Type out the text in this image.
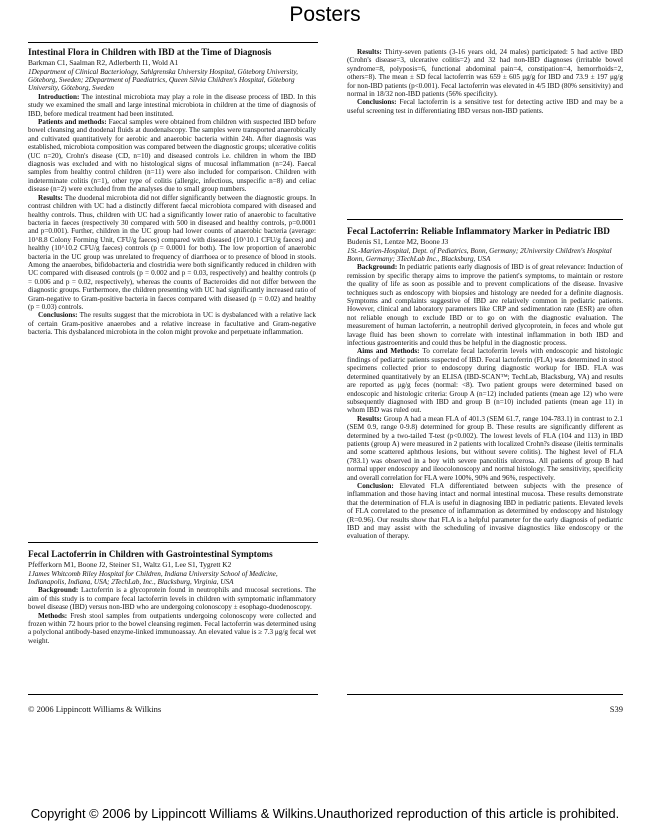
Posters
Intestinal Flora in Children with IBD at the Time of Diagnosis
Barkman C1, Saalman R2, Adlerberth I1, Wold A1
1Department of Clinical Bacteriology, Sahlgrenska University Hospital, Göteborg University, Göteborg, Sweden; 2Department of Paediatrics, Queen Silvia Children's Hospital, Göteborg University, Göteborg, Sweden

Introduction: The intestinal microbiota may play a role in the disease process of IBD. In this study we examined the small and large intestinal microbiota in children at the time of diagnosis of IBD, before medical treatment had been instituted.

Patients and methods: Faecal samples were obtained from children with suspected IBD before bowel cleansing and duodenal fluids at duodenalscopy. The samples were transported anaerobically and cultivated quantitatively for aerobic and anaerobic bacteria within 24h. After diagnosis was established, microbiota composition was compared between the diagnostic groups; ulcerative colitis (UC n=20), Crohn's disease (CD, n=10) and diseased controls i.e. children in whom the IBD diagnosis was excluded and with no histological signs of mucosal inflammation (n=24). Faecal samples from healthy control children (n=11) were also included for comparison. Children with indeterminate colitis (n=1), other type of colitis (allergic, infectious, unspecific n=8) and celiac disease (n=2) were excluded from the analyses due to small group numbers.

Results: The duodenal microbiota did not differ significantly between the diagnostic groups. In contrast children with UC had a distinctly different faecal microbiota compared with diseased and healthy controls. Thus, children with UC had a significantly lower ratio of anaerobic to facultative bacteria in faeces (respectively 30 compared with 500 in diseased and healthy controls, p=0.0001 and p=0.001). Further, children in the UC group had lower counts of anaerobic bacteria (average: 10^8.8 Colony Forming Unit, CFU/g faeces) compared with diseased (10^10.1 CFU/g faeces) and healthy (10^10.2 CFU/g faeces) controls (p = 0.0001 for both). The low proportion of anaerobic bacteria in the UC group was unrelated to frequency of diarrhoea or to presence of blood in stools. Among the anaerobes, bifidobacteria and clostridia were both significantly reduced in children with UC compared with diseased controls (p = 0.002 and p = 0.03, respectively) and healthy controls (p = 0.006 and p = 0.02, respectively), whereas the counts of Bacteroides did not differ between the diagnostic groups. Furthermore, the children presenting with UC had significantly increased ratio of Gram-negative to Gram-positive bacteria in faeces compared with diseased (p = 0.02) and healthy (p = 0.03) controls.

Conclusions: The results suggest that the microbiota in UC is dysbalanced with a relative lack of certain Gram-positive anaerobes and a relative increase in facultative and Gram-negative bacteria. This dysbalanced microbiota in the colon might provoke and perpetuate inflammation.

Fecal Lactoferrin in Children with Gastrointestinal Symptoms
Pfefferkorn M1, Boone J2, Steiner S1, Waltz G1, Lee S1, Tygrett K2
1James Whitcomb Riley Hospital for Children, Indiana University School of Medicine, Indianapolis, Indiana, USA; 2TechLab, Inc., Blacksburg, Virginia, USA

Background: Lactoferrin is a glycoprotein found in neutrophils and mucosal secretions. The aim of this study is to compare fecal lactoferrin levels in children with symptomatic inflammatory bowel disease (IBD) versus non-IBD who are undergoing colonoscopy ± esophago-duodenoscopy.

Methods: Fresh stool samples from outpatients undergoing colonoscopy were collected and frozen within 72 hours prior to the bowel cleansing regimen. Fecal lactoferrin was determined using a polyclonal antibody-based enzyme-linked immunoassay. An elevated value is ≥ 7.3 μg/g fecal wet weight.

Results: Thirty-seven patients (3-16 years old, 24 males) participated: 5 had active IBD (Crohn's disease=3, ulcerative colitis=2) and 32 had non-IBD diagnoses (irritable bowel syndrome=8, polyposis=6, functional abdominal pain=4, constipation=4, hemorrhoids=2, others=8). The mean ± SD fecal lactoferrin was 659 ± 605 μg/g for IBD and 73.9 ± 197 μg/g for non-IBD patients (p<0.001). Fecal lactoferrin was elevated in 4/5 IBD (80% sensitivity) and normal in 18/32 non-IBD patients (56% specificity).

Conclusions: Fecal lactoferrin is a sensitive test for detecting active IBD and may be a useful screening test in differentiating IBD versus non-IBD patients.

Fecal Lactoferrin: Reliable Inflammatory Marker in Pediatric IBD
Budenis S1, Lentze M2, Boone J3
1St.-Marien-Hospital, Dept. of Pediatrics, Bonn, Germany; 2University Children's Hospital Bonn, Germany; 3TechLab Inc., Blacksburg, USA

Background: In pediatric patients early diagnosis of IBD is of great relevance: Induction of remission by specific therapy aims to improve the patient's symptoms, to maintain or restore the quality of life as soon as possible and to prevent complications of the disease. Invasive techniques such as endoscopy with biopsies and histology are needed for a definite diagnosis. Symptoms and complaints suggestive of IBD are relatively common in pediatric patients. However, clinical and laboratory parameters like CRP and sedimentation rate (ESR) are often not reliable enough to exclude IBD or to go on with the diagnostic evaluation. The measurement of human lactoferrin, a neutrophil derived glycoprotein, in feces and whole gut lavage fluid has been shown to correlate with intestinal inflammation in both IBD and infectious gastroenteritis and could thus be helpful in the diagnostic process.

Aims and Methods: To correlate fecal lactoferrin levels with endoscopic and histologic findings of pediatric patients suspected of IBD. Fecal lactoferrin (FLA) was determined in stool specimens collected prior to endoscopy during diagnostic workup for IBD. FLA was determined quantitatively by an ELISA (IBD-SCAN™; TechLab, Blacksburg, VA) and results are reported as μg/g feces (normal: <8). Two patient groups were determined based on endoscopic and histologic criteria: Group A (n=12) included patients (mean age 12) who were subsequently diagnosed with IBD and group B (n=10) included patients (mean age 11) in whom IBD was ruled out.

Results: Group A had a mean FLA of 401.3 (SEM 61.7, range 104-783.1) in contrast to 2.1 (SEM 0.9, range 0-9.8) determined for group B. These results are significantly different as determined by a two-tailed T-test (p<0.002). The lowest levels of FLA (104 and 113) in IBD patients (group A) were measured in 2 patients with localized Crohn?s disease (ileitis terminalis and some scattered aphthous lesions, but without severe colitis). The highest level of FLA (783.1) was observed in a boy with severe pancolitis ulcerosa. All patients of group B had normal upper endoscopy and ileocolonoscopy and normal histology. The sensitivity, specificity and overall correlation for FLA were 100%, 90% and 96%, respectively.

Conclusion: Elevated FLA differentiated between subjects with the presence of inflammation and those having intact and normal intestinal mucosa. These results demonstrate that the determination of FLA is useful in diagnosing IBD in pediatric patients. Elevated levels of FLA correlated to the presence of inflammation as determined by endoscopy and histology (R=0.96). Our results show that FLA is a helpful parameter for the early diagnosis of pediatric IBD and may assist with the scheduling of invasive diagnostics like endoscopy or the evaluation of therapy.

© 2006 Lippincott Williams & Wilkins	S39
Copyright © 2006 by Lippincott Williams & Wilkins.Unauthorized reproduction of this article is prohibited.
